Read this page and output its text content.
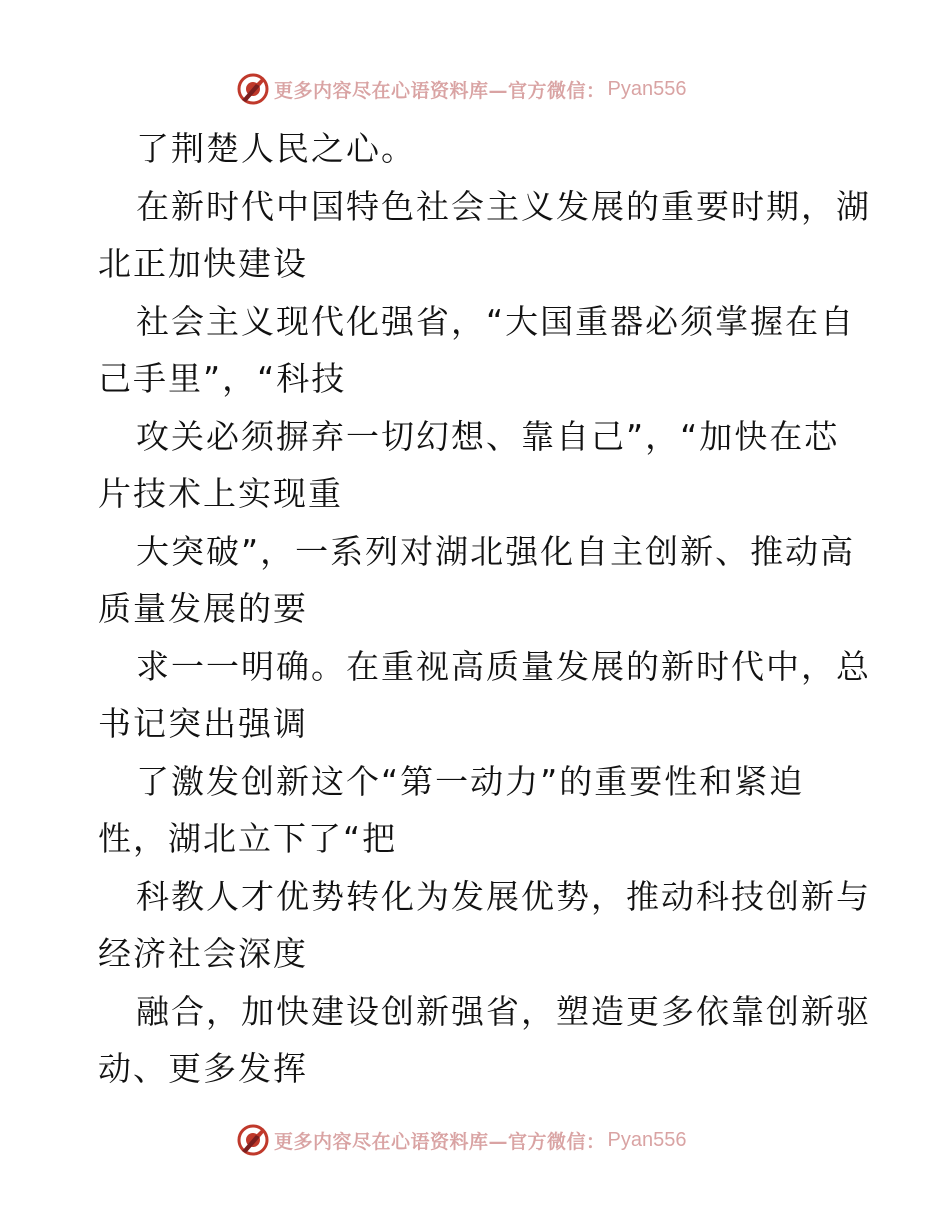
更多内容尽在心语资料库—官方微信： Pyan556
了荆楚人民之心。
在新时代中国特色社会主义发展的重要时期，湖
北正加快建设
社会主义现代化强省，“大国重器必须掌握在自
己手里”，“科技
攻关必须摒弃一切幻想、靠自己”，“加快在芯
片技术上实现重
大突破”，一系列对湖北强化自主创新、推动高
质量发展的要
求一一明确。在重视高质量发展的新时代中，总
书记突出强调
了激发创新这个“第一动力”的重要性和紧迫
性，湖北立下了“把
科教人才优势转化为发展优势，推动科技创新与
经济社会深度
融合，加快建设创新强省，塑造更多依靠创新驱
动、更多发挥
更多内容尽在心语资料库—官方微信： Pyan556
